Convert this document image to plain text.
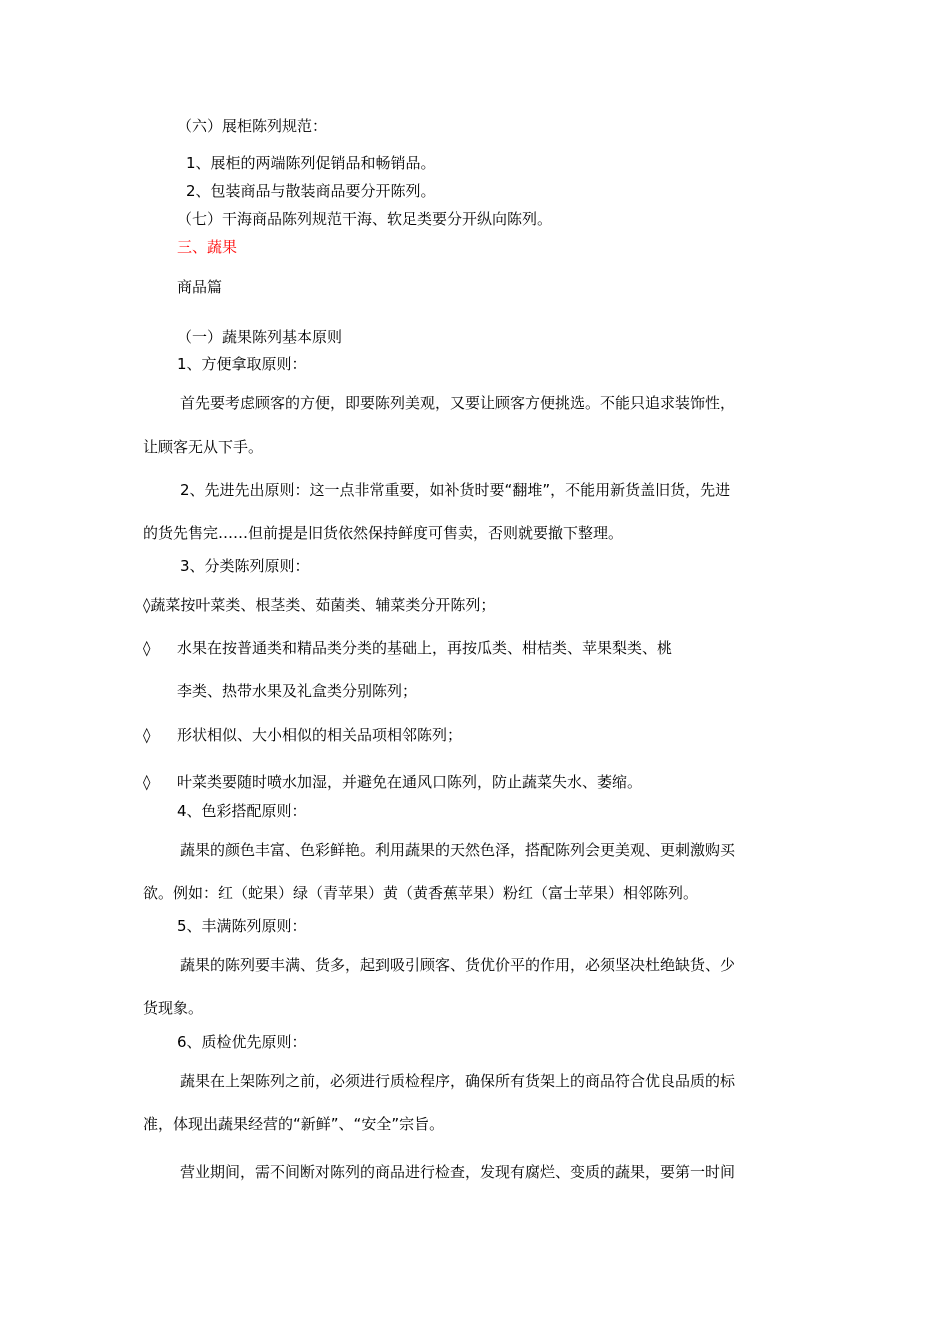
（六）展柜陈列规范：
1、展柜的两端陈列促销品和畅销品。
2、包装商品与散装商品要分开陈列。
（七）干海商品陈列规范干海、软足类要分开纵向陈列。
三、蔬果
商品篇
（一）蔬果陈列基本原则
1、方便拿取原则：
首先要考虑顾客的方便，即要陈列美观，又要让顾客方便挑选。不能只追求装饰性，
让顾客无从下手。
2、先进先出原则：这一点非常重要，如补货时要“翻堆”，不能用新货盖旧货，先进
的货先售完……但前提是旧货依然保持鲜度可售卖，否则就要撤下整理。
3、分类陈列原则：
◊蔬菜按叶菜类、根茎类、茹菌类、辅菜类分开陈列；
◊ 水果在按普通类和精品类分类的基础上，再按瓜类、柑桔类、苹果梨类、桃
李类、热带水果及礼盒类分别陈列；
◊ 形状相似、大小相似的相关品项相邻陈列；
◊ 叶菜类要随时喷水加湿，并避免在通风口陈列，防止蔬菜失水、萎缩。
4、色彩搭配原则：
蔬果的颜色丰富、色彩鲜艳。利用蔬果的天然色泽，搭配陈列会更美观、更刺激购买
欲。例如：红（蛇果）绿（青苹果）黄（黄香蕉苹果）粉红（富士苹果）相邻陈列。
5、丰满陈列原则：
蔬果的陈列要丰满、货多，起到吸引顾客、货优价平的作用，必须坚决杜绝缺货、少
货现象。
6、质检优先原则：
蔬果在上架陈列之前，必须进行质检程序，确保所有货架上的商品符合优良品质的标
准，体现出蔬果经营的“新鲜”、“安全”宗旨。
营业期间，需不间断对陈列的商品进行检查，发现有腐烂、变质的蔬果，要第一时间
